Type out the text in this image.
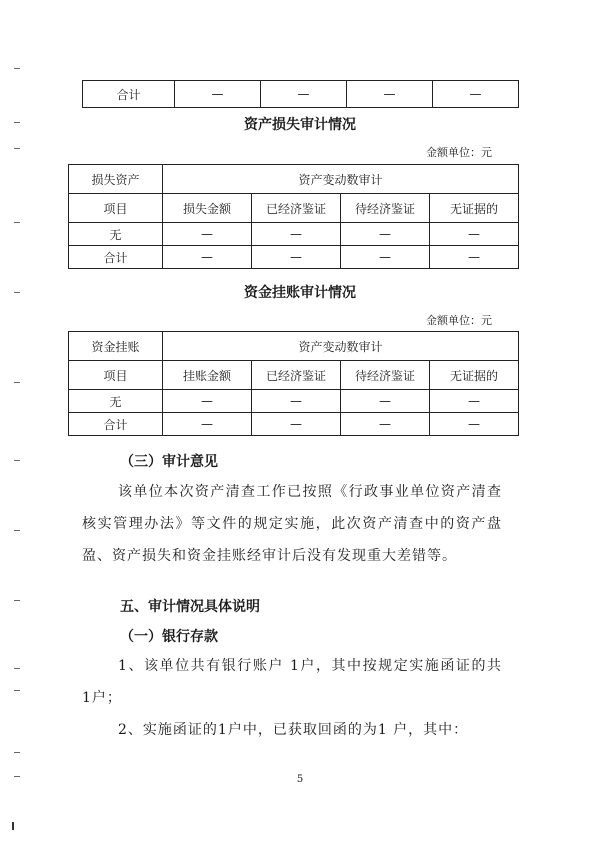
合计	—	—	—	—
资产损失审计情况
金额单位：元
损失资产	资产变动数审计			
项目	损失金额	已经济鉴证	待经济鉴证	无证据的
无	—	—	—	—
合计	—	—	—	—
资金挂账审计情况
金额单位：元
资金挂账	资产变动数审计			
项目	挂账金额	已经济鉴证	待经济鉴证	无证据的
无	—	—	—	—
合计	—	—	—	—
（三）审计意见
该单位本次资产清查工作已按照《行政事业单位资产清查核实管理办法》等文件的规定实施，此次资产清查中的资产盘盈、资产损失和资金挂账经审计后没有发现重大差错等。
五、审计情况具体说明
（一）银行存款
1、该单位共有银行账户 1户，其中按规定实施函证的共 1户；
2、实施函证的1户中，已获取回函的为1 户，其中：
5
